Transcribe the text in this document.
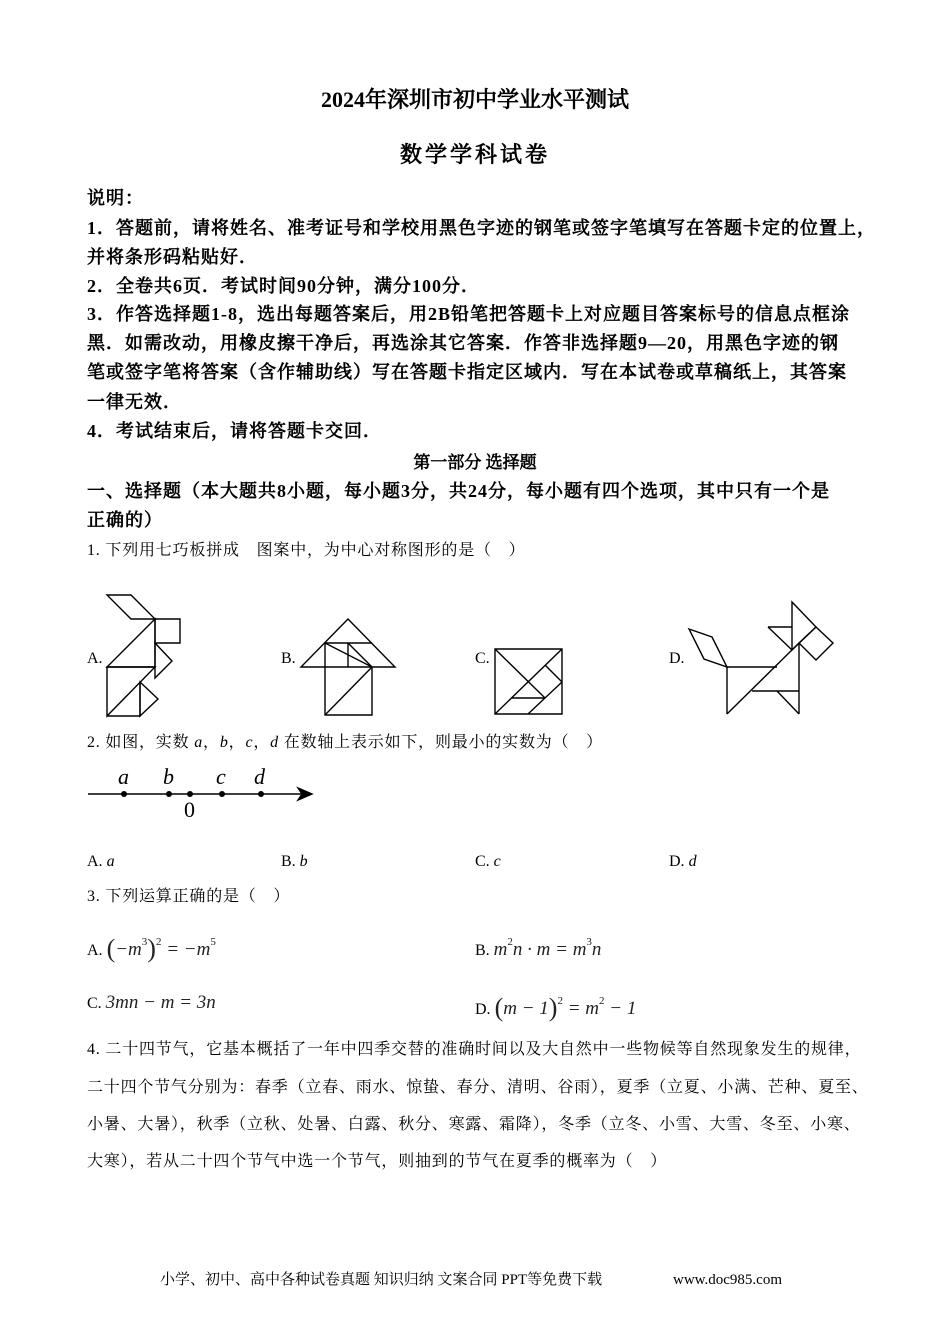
2024年深圳市初中学业水平测试
数学学科试卷
说明：
1．答题前，请将姓名、准考证号和学校用黑色字迹的钢笔或签字笔填写在答题卡定的位置上，
并将条形码粘贴好．
2．全卷共6页．考试时间90分钟，满分100分．
3．作答选择题1-8，选出每题答案后，用2B铅笔把答题卡上对应题目答案标号的信息点框涂
黑．如需改动，用橡皮擦干净后，再选涂其它答案．作答非选择题9—20，用黑色字迹的钢
笔或签字笔将答案（含作辅助线）写在答题卡指定区域内．写在本试卷或草稿纸上，其答案
一律无效．
4．考试结束后，请将答题卡交回．
第一部分 选择题
一、选择题（本大题共8小题，每小题3分，共24分，每小题有四个选项，其中只有一个是
正确的）
1. 下列用七巧板拼成　图案中，为中心对称图形的是（　）
A.	B.	C.	D.
a b c d
0
2. 如图，实数 a，b，c，d 在数轴上表示如下，则最小的实数为（　）
A. a	B. b	C. c	D. d
3. 下列运算正确的是（　）
A. $(-m^3)^2 = -m^5$	B. $m^2n \cdot m = m^3n$
C. 3mn − m = 3n	D. $(m - 1)^2 = m^2 - 1$
4. 二十四节气，它基本概括了一年中四季交替的准确时间以及大自然中一些物候等自然现象发生的规律，
二十四个节气分别为：春季（立春、雨水、惊蛰、春分、清明、谷雨），夏季（立夏、小满、芒种、夏至、
小暑、大暑），秋季（立秋、处暑、白露、秋分、寒露、霜降），冬季（立冬、小雪、大雪、冬至、小寒、
大寒），若从二十四个节气中选一个节气，则抽到的节气在夏季的概率为（　）
小学、初中、高中各种试卷真题 知识归纳 文案合同 PPT等免费下载	www.doc985.com
